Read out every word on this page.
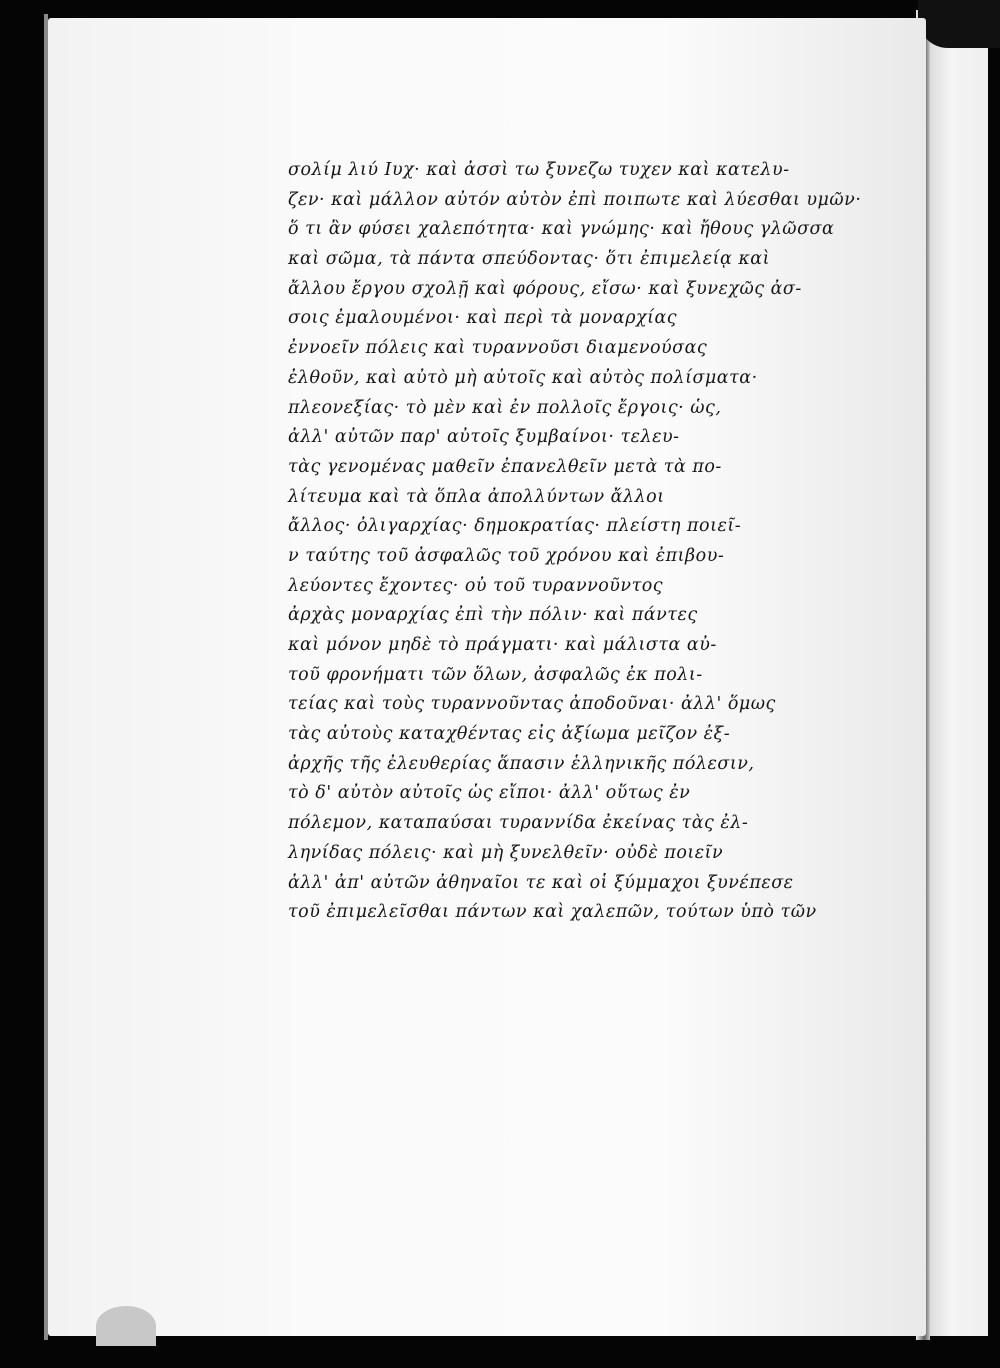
σολίμ λιύ Ιυχ· καὶ ἀσσὶ τω ξυνεζω τυχεν καὶ κατελυ-
ζεν· καὶ μάλλον αὐτόν αὐτὸν ἐπὶ ποιπωτε καὶ λύεσθαι υμῶν·
ὅ τι ἂν φύσει χαλεπότητα· καὶ γνώμης· καὶ ἤθους γλῶσσα
καὶ σῶμα, τὰ πάντα σπεύδοντας· ὅτι ἐπιμελείᾳ καὶ
ἄλλου ἔργου σχολῇ καὶ φόρους, εἴσω· καὶ ξυνεχῶς ἀσ-
σοις ἐμαλουμένοι· καὶ περὶ τὰ μοναρχίας
ἐννοεῖν πόλεις καὶ τυραννοῦσι διαμενούσας
ἐλθοῦν, καὶ αὐτὸ μὴ αὐτοῖς καὶ αὐτὸς πολίσματα·
πλεονεξίας· τὸ μὲν καὶ ἐν πολλοῖς ἔργοις· ὡς,
ἀλλ' αὐτῶν παρ' αὐτοῖς ξυμβαίνοι· τελευ-
τὰς γενομένας μαθεῖν ἐπανελθεῖν μετὰ τὰ πο-
λίτευμα καὶ τὰ ὅπλα ἀπολλύντων ἄλλοι
ἄλλος· ὀλιγαρχίας· δημοκρατίας· πλείστη ποιεῖ-
ν ταύτης τοῦ ἀσφαλῶς τοῦ χρόνου καὶ ἐπιβου-
λεύοντες ἔχοντες· οὐ τοῦ τυραννοῦντος
ἀρχὰς μοναρχίας ἐπὶ τὴν πόλιν· καὶ πάντες
καὶ μόνον μηδὲ τὸ πράγματι· καὶ μάλιστα αὐ-
τοῦ φρονήματι τῶν ὅλων, ἀσφαλῶς ἐκ πολι-
τείας καὶ τοὺς τυραννοῦντας ἀποδοῦναι· ἀλλ' ὅμως
τὰς αὐτοὺς καταχθέντας εἰς ἀξίωμα μεῖζον ἐξ-
ἀρχῆς τῆς ἐλευθερίας ἅπασιν ἑλληνικῆς πόλεσιν,
τὸ δ' αὐτὸν αὐτοῖς ὡς εἴποι· ἀλλ' οὕτως ἐν
πόλεμον, καταπαύσαι τυραννίδα ἐκείνας τὰς ἐλ-
ληνίδας πόλεις· καὶ μὴ ξυνελθεῖν· οὐδὲ ποιεῖν
ἀλλ' ἀπ' αὐτῶν ἀθηναῖοι τε καὶ οἱ ξύμμαχοι ξυνέπεσε
τοῦ ἐπιμελεῖσθαι πάντων καὶ χαλεπῶν, τούτων ὑπὸ τῶν
